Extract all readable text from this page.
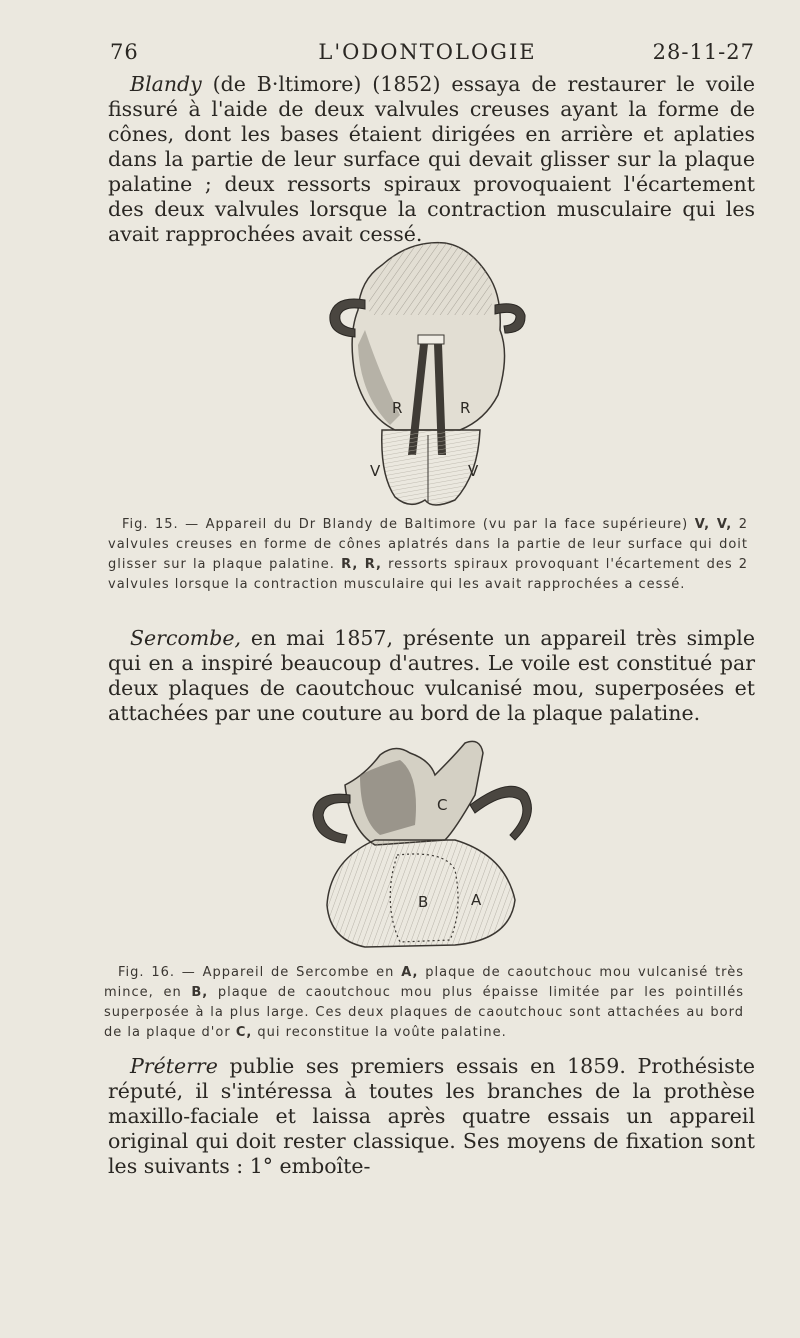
76	L'ODONTOLOGIE	28-11-27

Blandy (de B·ltimore) (1852) essaya de restaurer le voile fissuré à l'aide de deux valvules creuses ayant la forme de cônes, dont les bases étaient dirigées en arrière et aplaties dans la partie de leur surface qui devait glisser sur la plaque palatine ; deux ressorts spiraux provoquaient l'écartement des deux valvules lorsque la contraction musculaire qui les avait rapprochées avait cessé.

R	R
V	V

Fig. 15. — Appareil du Dr Blandy de Baltimore (vu par la face supérieure) V, V, 2 valvules creuses en forme de cônes aplatrés dans la partie de leur surface qui doit glisser sur la plaque palatine. R, R, ressorts spiraux provoquant l'écartement des 2 valvules lorsque la contraction musculaire qui les avait rapprochées a cessé.

Sercombe, en mai 1857, présente un appareil très simple qui en a inspiré beaucoup d'autres. Le voile est constitué par deux plaques de caoutchouc vulcanisé mou, superposées et attachées par une couture au bord de la plaque palatine.

C
B	A

Fig. 16. — Appareil de Sercombe en A, plaque de caoutchouc mou vulcanisé très mince, en B, plaque de caoutchouc mou plus épaisse limitée par les pointillés superposée à la plus large. Ces deux plaques de caoutchouc sont attachées au bord de la plaque d'or C, qui reconstitue la voûte palatine.

Préterre publie ses premiers essais en 1859. Prothésiste réputé, il s'intéressa à toutes les branches de la prothèse maxillo-faciale et laissa après quatre essais un appareil original qui doit rester classique. Ses moyens de fixation sont les suivants : 1° emboîte-
